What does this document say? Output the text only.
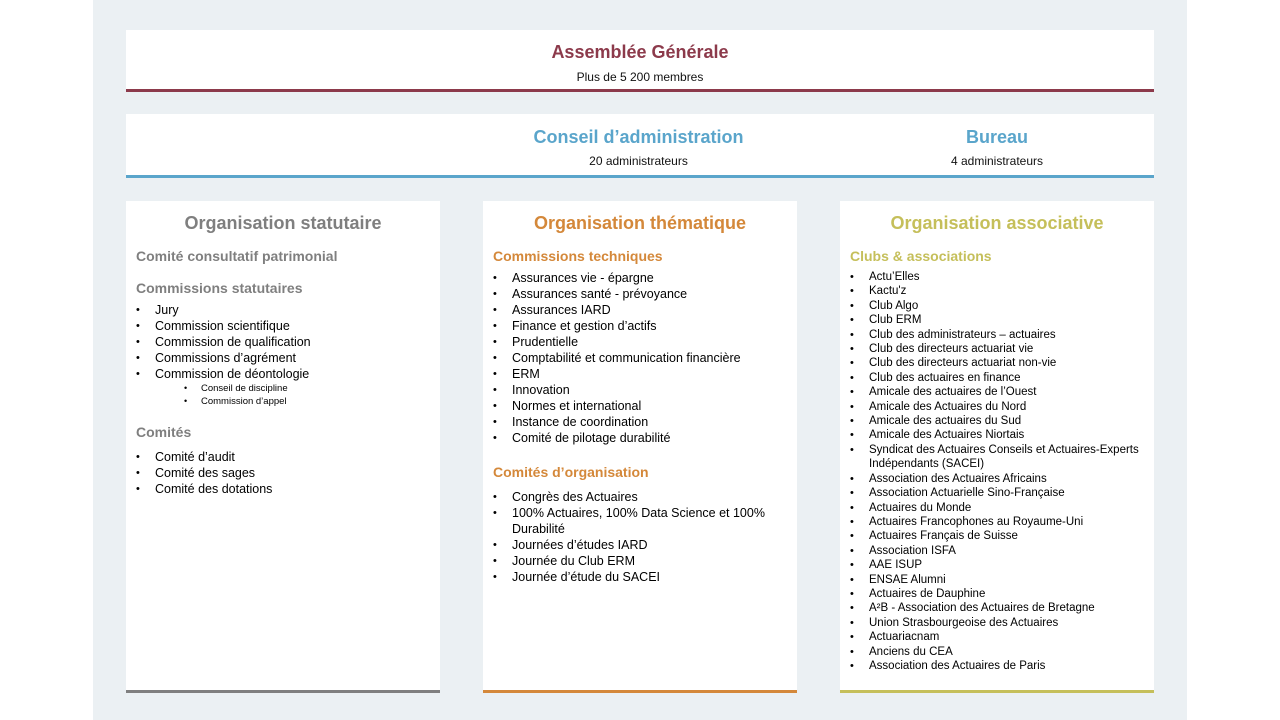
Assemblée Générale
Plus de 5 200 membres
Conseil d’administration
20 administrateurs
Bureau
4 administrateurs
Organisation statutaire
Comité consultatif patrimonial
Commissions statutaires
• Jury
• Commission scientifique
• Commission de qualification
• Commissions d’agrément
• Commission de déontologie
• Conseil de discipline
• Commission d’appel
Comités
• Comité d’audit
• Comité des sages
• Comité des dotations
Organisation thématique
Commissions techniques
• Assurances vie - épargne
• Assurances santé - prévoyance
• Assurances IARD
• Finance et gestion d’actifs
• Prudentielle
• Comptabilité et communication financière
• ERM
• Innovation
• Normes et international
• Instance de coordination
• Comité de pilotage durabilité
Comités d’organisation
• Congrès des Actuaires
• 100% Actuaires, 100% Data Science et 100% Durabilité
• Journées d’études IARD
• Journée du Club ERM
• Journée d’étude du SACEI
Organisation associative
Clubs & associations
• Actu’Elles
• Kactu'z
• Club Algo
• Club ERM
• Club des administrateurs – actuaires
• Club des directeurs actuariat vie
• Club des directeurs actuariat non-vie
• Club des actuaires en finance
• Amicale des actuaires de l’Ouest
• Amicale des Actuaires du Nord
• Amicale des actuaires du Sud
• Amicale des Actuaires Niortais
• Syndicat des Actuaires Conseils et Actuaires-Experts Indépendants (SACEI)
• Association des Actuaires Africains
• Association Actuarielle Sino-Française
• Actuaires du Monde
• Actuaires Francophones au Royaume-Uni
• Actuaires Français de Suisse
• Association ISFA
• AAE ISUP
• ENSAE Alumni
• Actuaires de Dauphine
• A²B - Association des Actuaires de Bretagne
• Union Strasbourgeoise des Actuaires
• Actuariacnam
• Anciens du CEA
• Association des Actuaires de Paris
